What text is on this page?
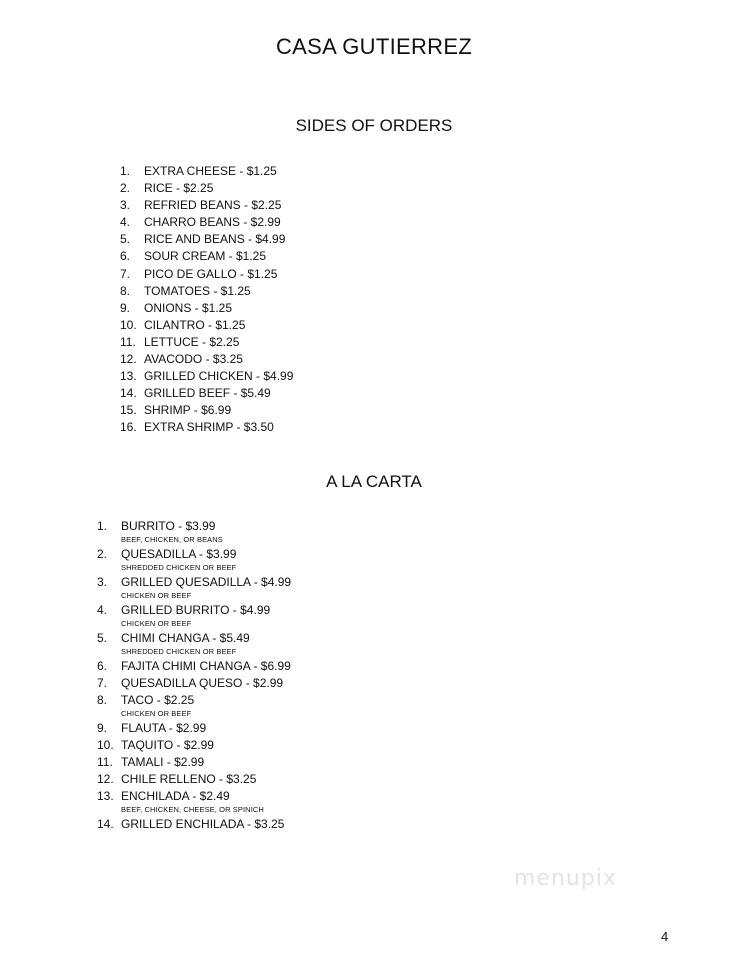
CASA GUTIERREZ
SIDES OF ORDERS
1. EXTRA CHEESE - $1.25
2. RICE - $2.25
3. REFRIED BEANS - $2.25
4. CHARRO BEANS - $2.99
5. RICE AND BEANS - $4.99
6. SOUR CREAM - $1.25
7. PICO DE GALLO - $1.25
8. TOMATOES - $1.25
9. ONIONS - $1.25
10. CILANTRO - $1.25
11. LETTUCE - $2.25
12. AVACODO - $3.25
13. GRILLED CHICKEN - $4.99
14. GRILLED BEEF - $5.49
15. SHRIMP - $6.99
16. EXTRA SHRIMP - $3.50
A LA CARTA
1. BURRITO - $3.99
BEEF, CHICKEN, OR BEANS
2. QUESADILLA - $3.99
SHREDDED CHICKEN OR BEEF
3. GRILLED QUESADILLA - $4.99
CHICKEN OR BEEF
4. GRILLED BURRITO - $4.99
CHICKEN OR BEEF
5. CHIMI CHANGA - $5.49
SHREDDED CHICKEN OR BEEF
6. FAJITA CHIMI CHANGA - $6.99
7. QUESADILLA QUESO - $2.99
8. TACO - $2.25
CHICKEN OR BEEF
9. FLAUTA - $2.99
10. TAQUITO - $2.99
11. TAMALI - $2.99
12. CHILE RELLENO - $3.25
13. ENCHILADA - $2.49
BEEF, CHICKEN, CHEESE, OR SPINICH
14. GRILLED ENCHILADA - $3.25
menupix
4
